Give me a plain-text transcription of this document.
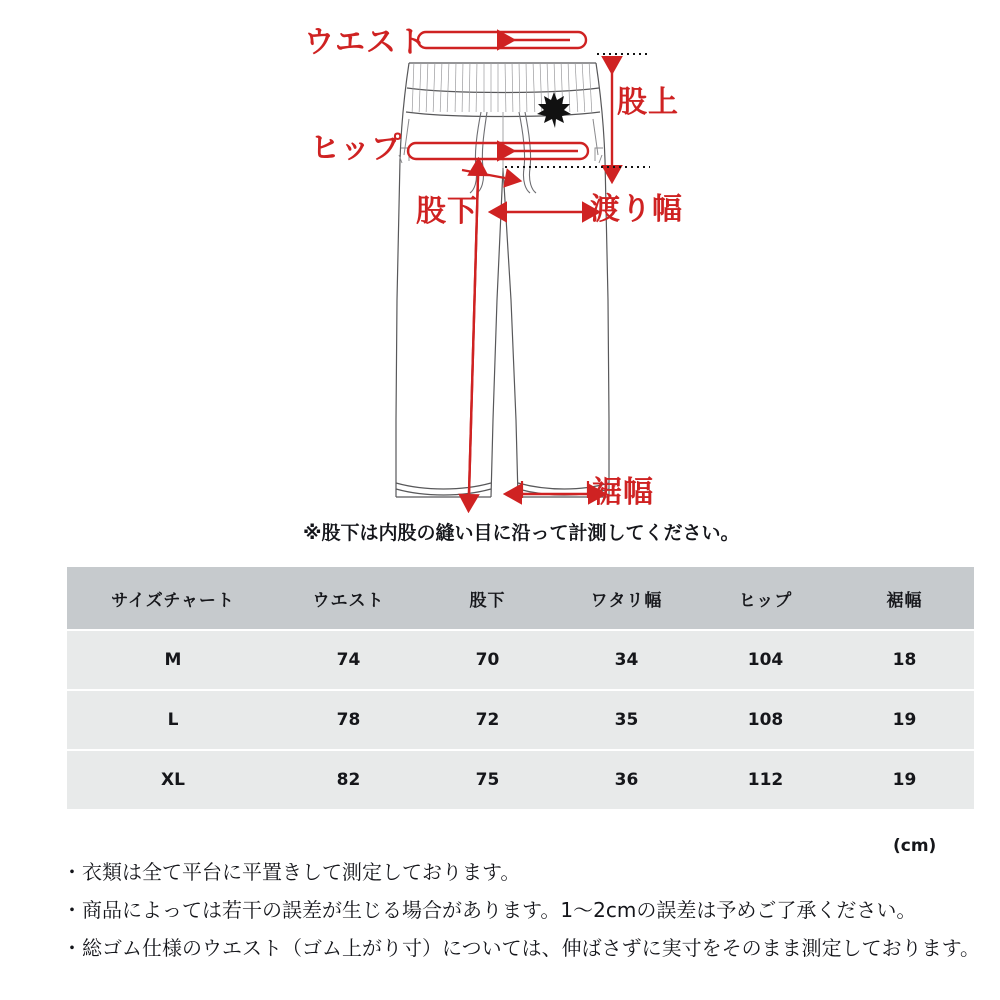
ウエスト
ヒップ
股上
股下	渡り幅
裾幅
※股下は内股の縫い目に沿って計測してください。
サイズチャート	ウエスト	股下	ワタリ幅	ヒップ	裾幅
M	74	70	34	104	18
L	78	72	35	108	19
XL	82	75	36	112	19
(cm)
・衣類は全て平台に平置きして測定しております。
・商品によっては若干の誤差が生じる場合があります。1〜2cmの誤差は予めご了承ください。
・総ゴム仕様のウエスト（ゴム上がり寸）については、伸ばさずに実寸をそのまま測定しております。
